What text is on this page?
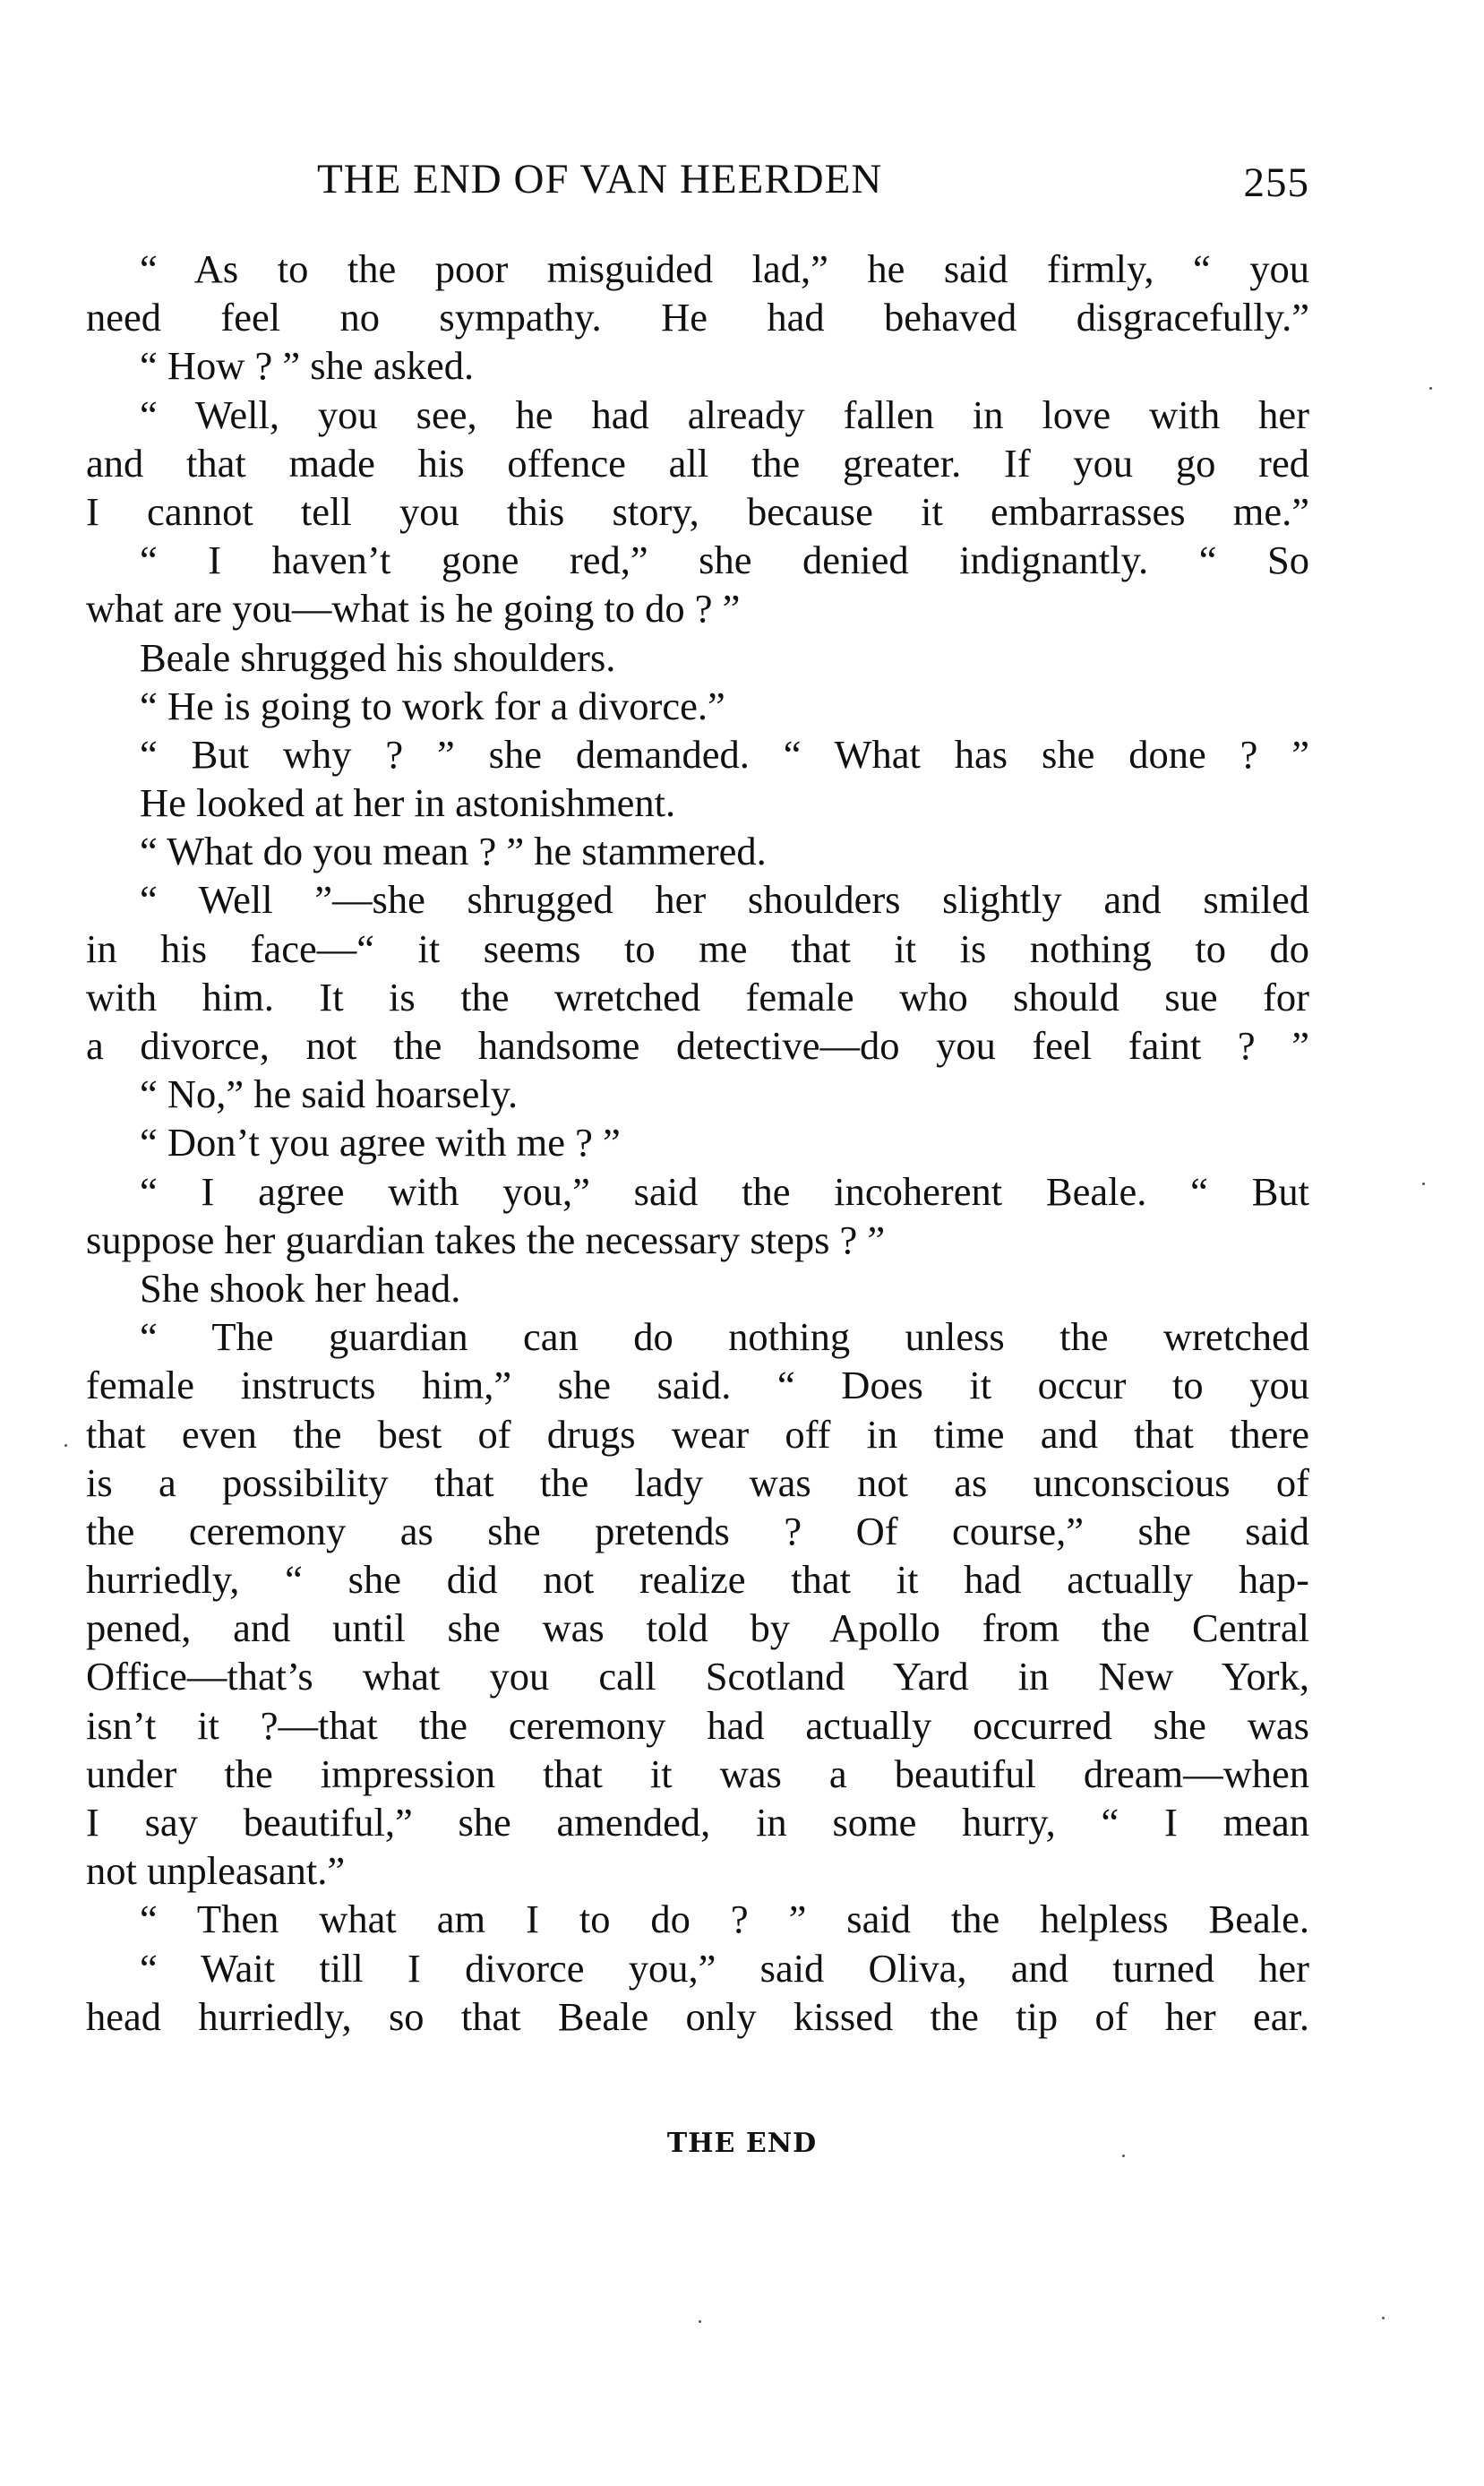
THE END OF VAN HEERDEN	255
“ As to the poor misguided lad,” he said firmly, “ you
need feel no sympathy. He had behaved disgracefully.”
“ How ? ” she asked.
“ Well, you see, he had already fallen in love with her
and that made his offence all the greater. If you go red
I cannot tell you this story, because it embarrasses me.”
“ I haven’t gone red,” she denied indignantly. “ So
what are you—what is he going to do ? ”
Beale shrugged his shoulders.
“ He is going to work for a divorce.”
“ But why ? ” she demanded. “ What has she done ? ”
He looked at her in astonishment.
“ What do you mean ? ” he stammered.
“ Well ”—she shrugged her shoulders slightly and smiled
in his face—“ it seems to me that it is nothing to do
with him. It is the wretched female who should sue for
a divorce, not the handsome detective—do you feel faint ? ”
“ No,” he said hoarsely.
“ Don’t you agree with me ? ”
“ I agree with you,” said the incoherent Beale. “ But
suppose her guardian takes the necessary steps ? ”
She shook her head.
“ The guardian can do nothing unless the wretched
female instructs him,” she said. “ Does it occur to you
that even the best of drugs wear off in time and that there
is a possibility that the lady was not as unconscious of
the ceremony as she pretends ? Of course,” she said
hurriedly, “ she did not realize that it had actually hap-
pened, and until she was told by Apollo from the Central
Office—that’s what you call Scotland Yard in New York,
isn’t it ?—that the ceremony had actually occurred she was
under the impression that it was a beautiful dream—when
I say beautiful,” she amended, in some hurry, “ I mean
not unpleasant.”
“ Then what am I to do ? ” said the helpless Beale.
“ Wait till I divorce you,” said Oliva, and turned her
head hurriedly, so that Beale only kissed the tip of her ear.
THE END
